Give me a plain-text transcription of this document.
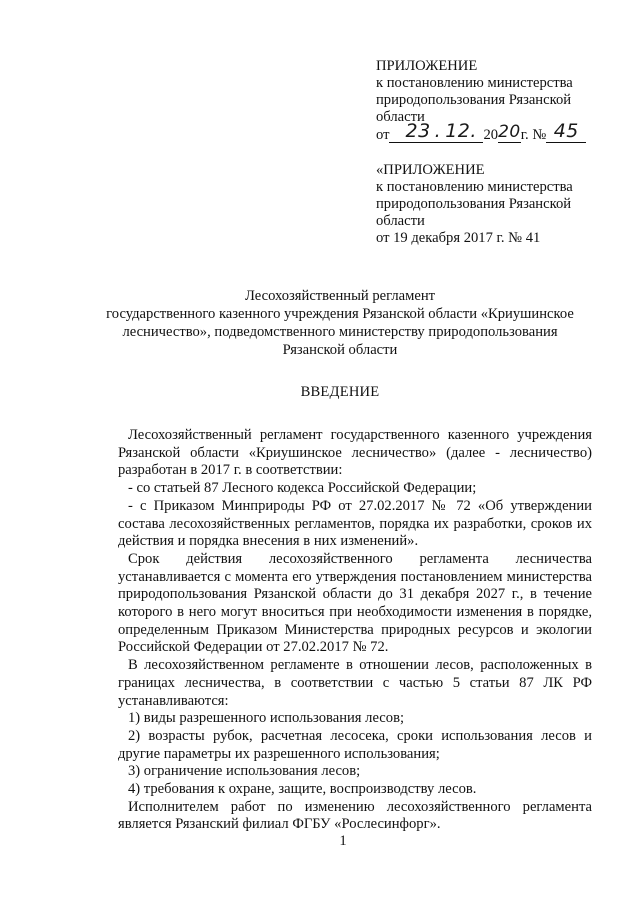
ПРИЛОЖЕНИЕ
к постановлению министерства
природопользования Рязанской
области
от 23 . 12. 2020г. № 45
«ПРИЛОЖЕНИЕ
к постановлению министерства
природопользования Рязанской
области
от 19 декабря 2017 г. № 41
Лесохозяйственный регламент
государственного казенного учреждения Рязанской области «Криушинское
лесничество», подведомственного министерству природопользования
Рязанской области
ВВЕДЕНИЕ

Лесохозяйственный регламент государственного казенного учреждения Рязанской области «Криушинское лесничество» (далее - лесничество) разработан в 2017 г. в соответствии:

- со статьей 87 Лесного кодекса Российской Федерации;

- с Приказом Минприроды РФ от 27.02.2017 № 72 «Об утверждении состава лесохозяйственных регламентов, порядка их разработки, сроков их действия и порядка внесения в них изменений».

Срок действия лесохозяйственного регламента лесничества устанавливается с момента его утверждения постановлением министерства природопользования Рязанской области до 31 декабря 2027 г., в течение которого в него могут вноситься при необходимости изменения в порядке, определенным Приказом Министерства природных ресурсов и экологии Российской Федерации от 27.02.2017 № 72.

В лесохозяйственном регламенте в отношении лесов, расположенных в границах лесничества, в соответствии с частью 5 статьи 87 ЛК РФ устанавливаются:

1) виды разрешенного использования лесов;

2) возрасты рубок, расчетная лесосека, сроки использования лесов и другие параметры их разрешенного использования;

3) ограничение использования лесов;

4) требования к охране, защите, воспроизводству лесов.

Исполнителем работ по изменению лесохозяйственного регламента является Рязанский филиал ФГБУ «Рослесинфорг».

1
